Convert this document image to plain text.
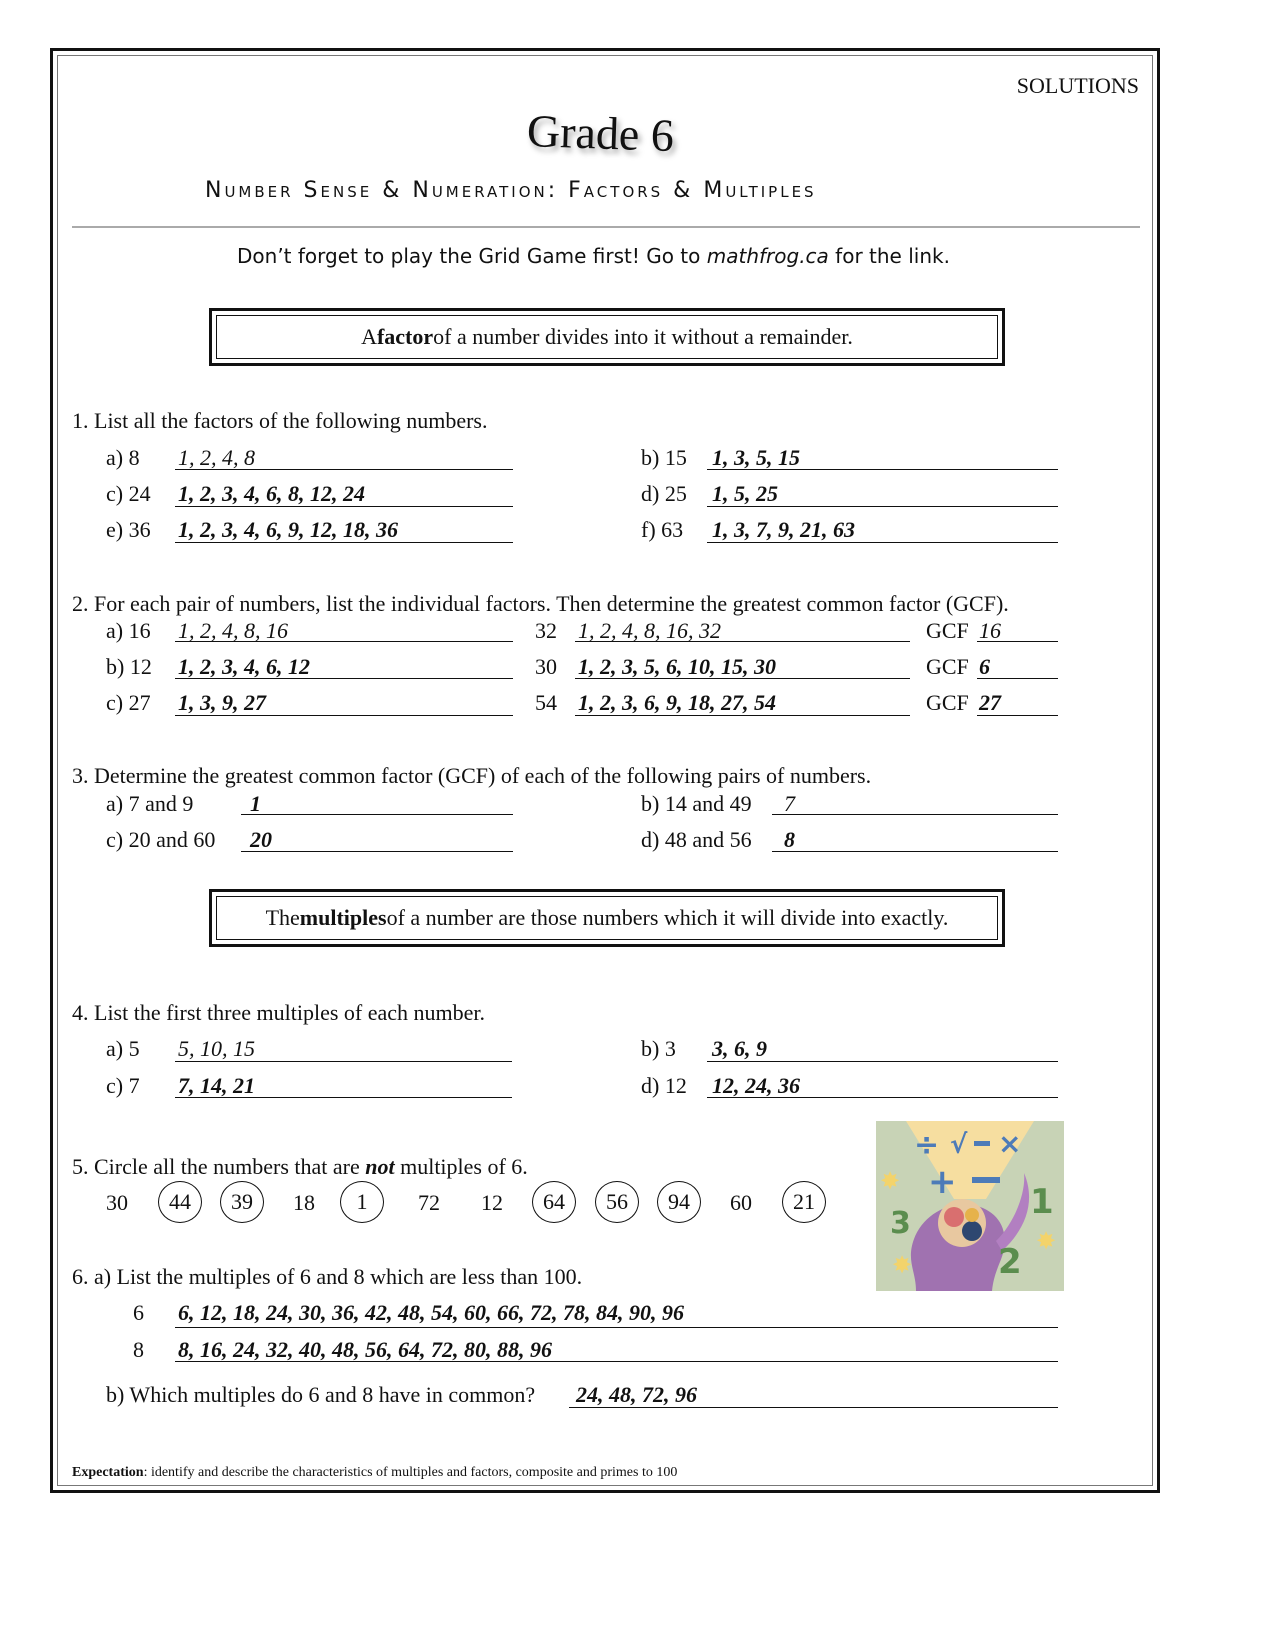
SOLUTIONS
Grade 6
Number Sense & Numeration: Factors & Multiples
Don’t forget to play the Grid Game first! Go to mathfrog.ca for the link.
A factor of a number divides into it without a remainder.
1. List all the factors of the following numbers.
a) 8 1, 2, 4, 8	b) 15 1, 3, 5, 15
c) 24 1, 2, 3, 4, 6, 8, 12, 24	d) 25 1, 5, 25
e) 36 1, 2, 3, 4, 6, 9, 12, 18, 36	f) 63 1, 3, 7, 9, 21, 63
2. For each pair of numbers, list the individual factors. Then determine the greatest common factor (GCF).
a) 16 1, 2, 4, 8, 16	32 1, 2, 4, 8, 16, 32	GCF 16
b) 12 1, 2, 3, 4, 6, 12	30 1, 2, 3, 5, 6, 10, 15, 30	GCF 6
c) 27 1, 3, 9, 27	54 1, 2, 3, 6, 9, 18, 27, 54	GCF 27
3. Determine the greatest common factor (GCF) of each of the following pairs of numbers.
a) 7 and 9	1	b) 14 and 49 7
c) 20 and 60 20	d) 48 and 56 8
The multiples of a number are those numbers which it will divide into exactly.
4. List the first three multiples of each number.
a) 5 5, 10, 15	b) 3 3, 6, 9
c) 7 7, 14, 21	d) 12 12, 24, 36
5. Circle all the numbers that are not multiples of 6.
30	44	39	18	1	72 12	64	56	94	60	21
÷ √ ×
+
3
1
2
✸
✸
✸
6. a) List the multiples of 6 and 8 which are less than 100.
6 6, 12, 18, 24, 30, 36, 42, 48, 54, 60, 66, 72, 78, 84, 90, 96
8 8, 16, 24, 32, 40, 48, 56, 64, 72, 80, 88, 96
b) Which multiples do 6 and 8 have in common? 24, 48, 72, 96
Expectation: identify and describe the characteristics of multiples and factors, composite and primes to 100
